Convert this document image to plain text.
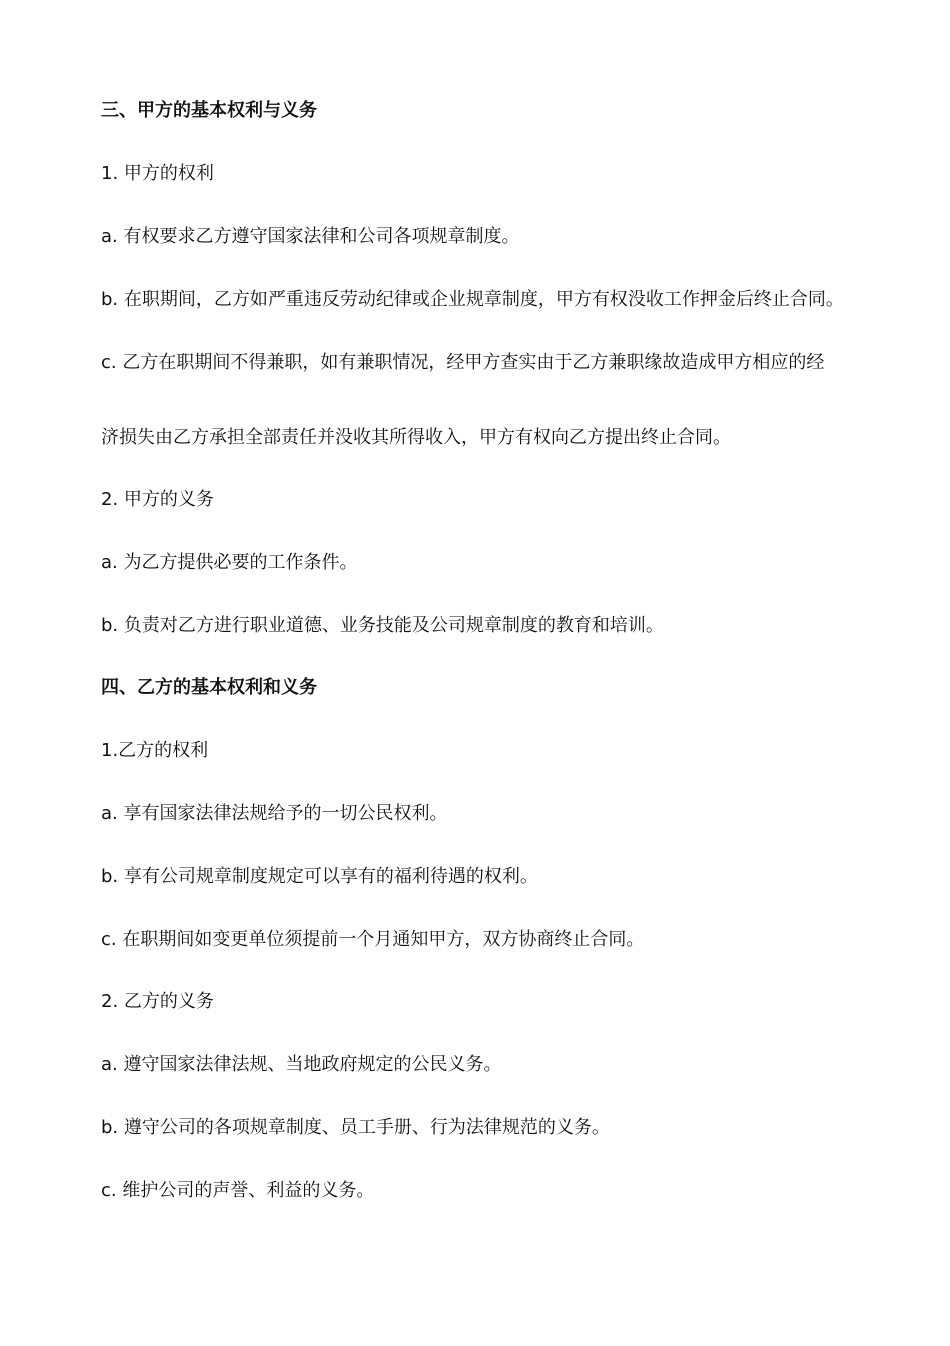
三、甲方的基本权利与义务
1. 甲方的权利
a. 有权要求乙方遵守国家法律和公司各项规章制度。
b. 在职期间，乙方如严重违反劳动纪律或企业规章制度，甲方有权没收工作押金后终止合同。
c. 乙方在职期间不得兼职，如有兼职情况，经甲方查实由于乙方兼职缘故造成甲方相应的经
济损失由乙方承担全部责任并没收其所得收入，甲方有权向乙方提出终止合同。
2. 甲方的义务
a. 为乙方提供必要的工作条件。
b. 负责对乙方进行职业道德、业务技能及公司规章制度的教育和培训。
四、乙方的基本权利和义务
1.乙方的权利
a. 享有国家法律法规给予的一切公民权利。
b. 享有公司规章制度规定可以享有的福利待遇的权利。
c. 在职期间如变更单位须提前一个月通知甲方，双方协商终止合同。
2. 乙方的义务
a. 遵守国家法律法规、当地政府规定的公民义务。
b. 遵守公司的各项规章制度、员工手册、行为法律规范的义务。
c. 维护公司的声誉、利益的义务。
